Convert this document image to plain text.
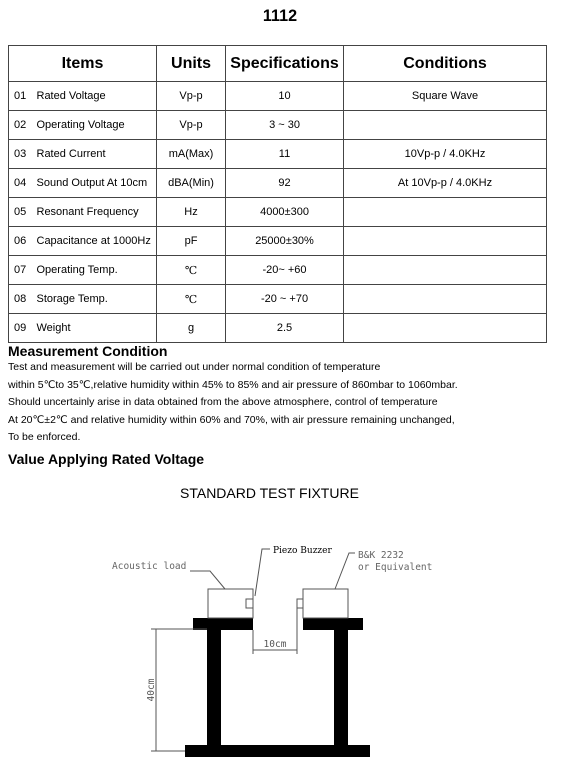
1112
Items		Units	Specifications	Conditions
01	Rated Voltage	Vp-p	10	Square Wave
02	Operating Voltage	Vp-p	3 ~ 30	
03	Rated Current	mA(Max)	11	10Vp-p / 4.0KHz
04	Sound Output At 10cm	dBA(Min)	92	At 10Vp-p / 4.0KHz
05	Resonant Frequency	Hz	4000±300	
06	Capacitance at 1000Hz	pF	25000±30%	
07	Operating Temp.	℃	-20~ +60	
08	Storage Temp.	℃	-20 ~ +70	
09	Weight	g	2.5	
Measurement Condition
Test and measurement will be carried out under normal condition of temperature
within 5℃to 35℃,relative humidity within 45% to 85% and air pressure of 860mbar to 1060mbar.
Should uncertainly arise in data obtained from the above atmosphere, control of temperature
At 20℃±2℃ and relative humidity within 60% and 70%, with air pressure remaining unchanged,
To be enforced.
Value Applying Rated Voltage
STANDARD TEST FIXTURE
10cm
40cm
Acoustic load
Piezo Buzzer	B&K 2232
or Equivalent
